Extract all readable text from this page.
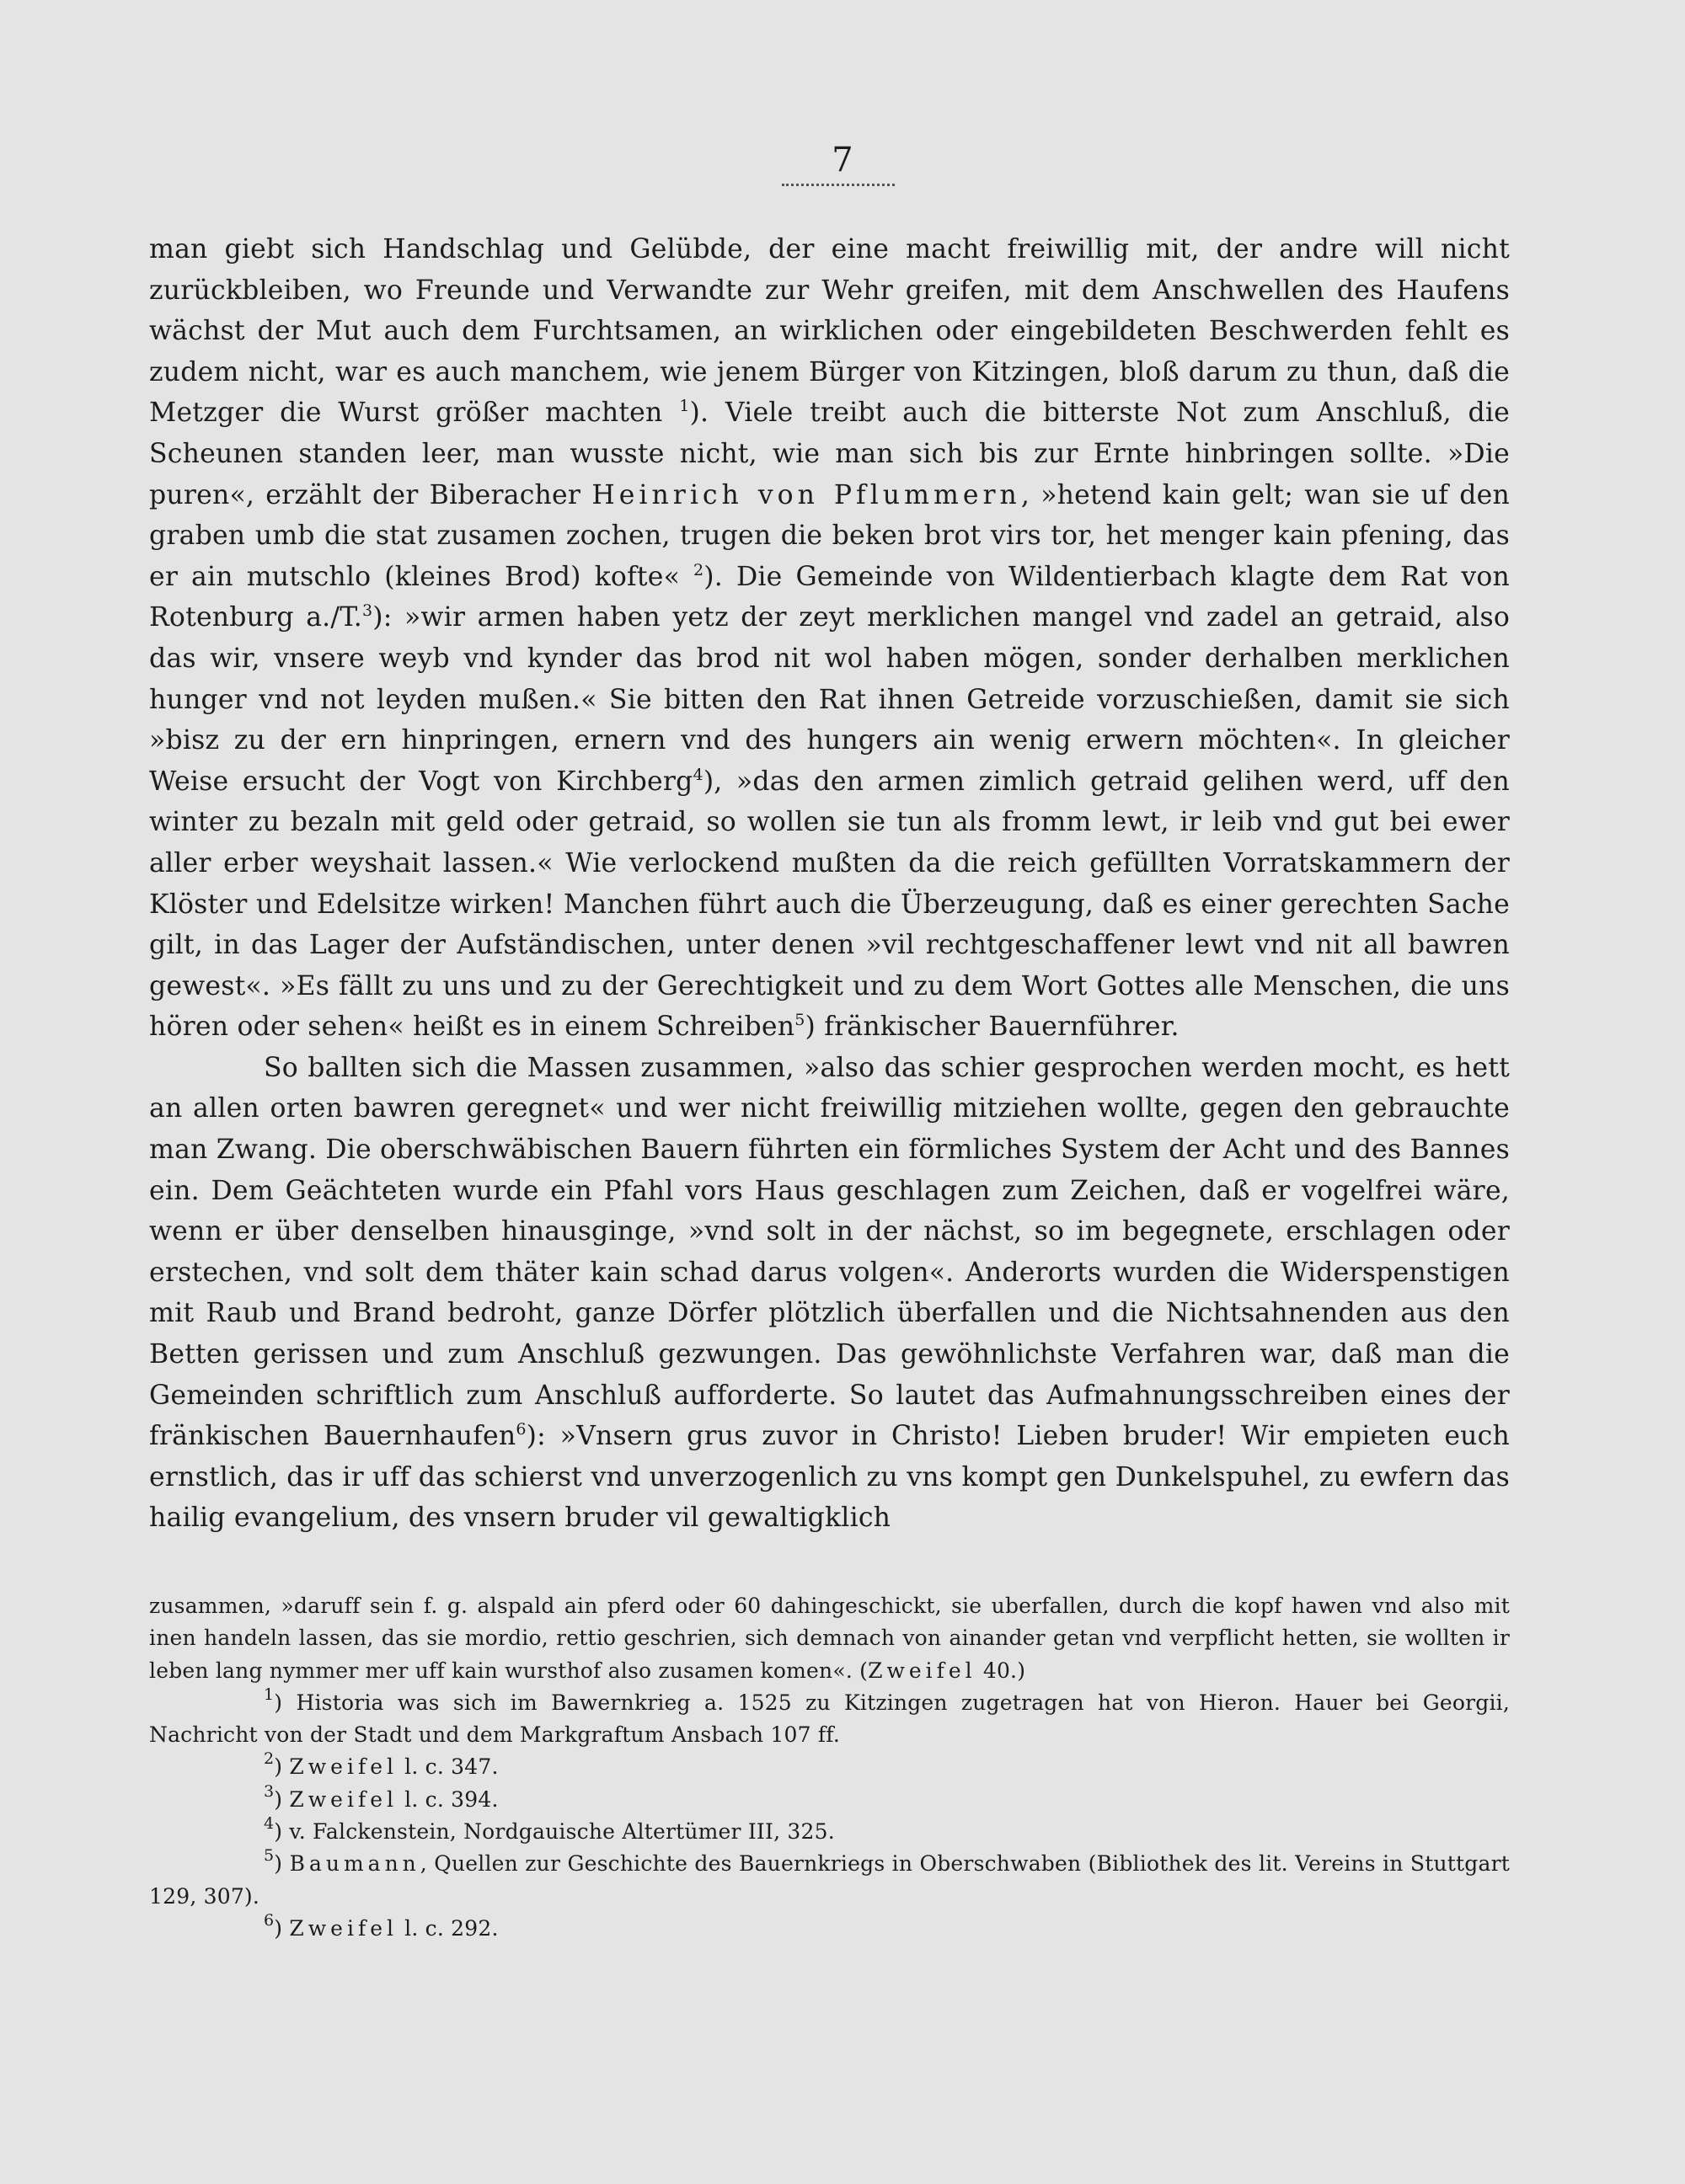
7

man giebt sich Handschlag und Gelübde, der eine macht freiwillig mit, der andre will nicht zurückbleiben, wo Freunde und Verwandte zur Wehr greifen, mit dem Anschwellen des Haufens wächst der Mut auch dem Furchtsamen, an wirklichen oder eingebildeten Beschwerden fehlt es zudem nicht, war es auch manchem, wie jenem Bürger von Kitzingen, bloß darum zu thun, daß die Metzger die Wurst größer machten $^1$). Viele treibt auch die bitterste Not zum Anschluß, die Scheunen standen leer, man wusste nicht, wie man sich bis zur Ernte hinbringen sollte. »Die puren«, erzählt der Biberacher Heinrich von Pflummern, »hetend kain gelt; wan sie uf den graben umb die stat zusamen zochen, trugen die beken brot virs tor, het menger kain pfening, das er ain mutschlo (kleines Brod) kofte« $^2$). Die Gemeinde von Wildentierbach klagte dem Rat von Rotenburg a./T.$^3$): »wir armen haben yetz der zeyt merklichen mangel vnd zadel an getraid, also das wir, vnsere weyb vnd kynder das brod nit wol haben mögen, sonder derhalben merklichen hunger vnd not leyden mußen.« Sie bitten den Rat ihnen Getreide vorzuschießen, damit sie sich »bisz zu der ern hinpringen, ernern vnd des hungers ain wenig erwern möchten«. In gleicher Weise ersucht der Vogt von Kirchberg$^4$), »das den armen zimlich getraid gelihen werd, uff den winter zu bezaln mit geld oder getraid, so wollen sie tun als fromm lewt, ir leib vnd gut bei ewer aller erber weyshait lassen.« Wie verlockend mußten da die reich gefüllten Vorratskammern der Klöster und Edelsitze wirken! Manchen führt auch die Überzeugung, daß es einer gerechten Sache gilt, in das Lager der Aufständischen, unter denen »vil rechtgeschaffener lewt vnd nit all bawren gewest«. »Es fällt zu uns und zu der Gerechtigkeit und zu dem Wort Gottes alle Menschen, die uns hören oder sehen« heißt es in einem Schreiben$^5$) fränkischer Bauernführer.

So ballten sich die Massen zusammen, »also das schier gesprochen werden mocht, es hett an allen orten bawren geregnet« und wer nicht freiwillig mitziehen wollte, gegen den gebrauchte man Zwang. Die oberschwäbischen Bauern führten ein förmliches System der Acht und des Bannes ein. Dem Geächteten wurde ein Pfahl vors Haus geschlagen zum Zeichen, daß er vogelfrei wäre, wenn er über denselben hinausginge, »vnd solt in der nächst, so im begegnete, erschlagen oder erstechen, vnd solt dem thäter kain schad darus volgen«. Anderorts wurden die Widerspenstigen mit Raub und Brand bedroht, ganze Dörfer plötzlich überfallen und die Nichtsahnenden aus den Betten gerissen und zum Anschluß gezwungen. Das gewöhnlichste Verfahren war, daß man die Gemeinden schriftlich zum Anschluß aufforderte. So lautet das Aufmahnungsschreiben eines der fränkischen Bauernhaufen$^6$): »Vnsern grus zuvor in Christo! Lieben bruder! Wir empieten euch ernstlich, das ir uff das schierst vnd unverzogenlich zu vns kompt gen Dunkelspuhel, zu ewfern das hailig evangelium, des vnsern bruder vil gewaltigklich

zusammen, »daruff sein f. g. alspald ain pferd oder 60 dahingeschickt, sie uberfallen, durch die kopf hawen vnd also mit inen handeln lassen, das sie mordio, rettio geschrien, sich demnach von ainander getan vnd verpflicht hetten, sie wollten ir leben lang nymmer mer uff kain wursthof also zusamen komen«. (Zweifel 40.)

$^1$) Historia was sich im Bawernkrieg a. 1525 zu Kitzingen zugetragen hat von Hieron. Hauer bei Georgii, Nachricht von der Stadt und dem Markgraftum Ansbach 107 ff.

$^2$) Zweifel l. c. 347.

$^3$) Zweifel l. c. 394.

$^4$) v. Falckenstein, Nordgauische Altertümer III, 325.

$^5$) Baumann, Quellen zur Geschichte des Bauernkriegs in Oberschwaben (Bibliothek des lit. Vereins in Stuttgart 129, 307).

$^6$) Zweifel l. c. 292.
